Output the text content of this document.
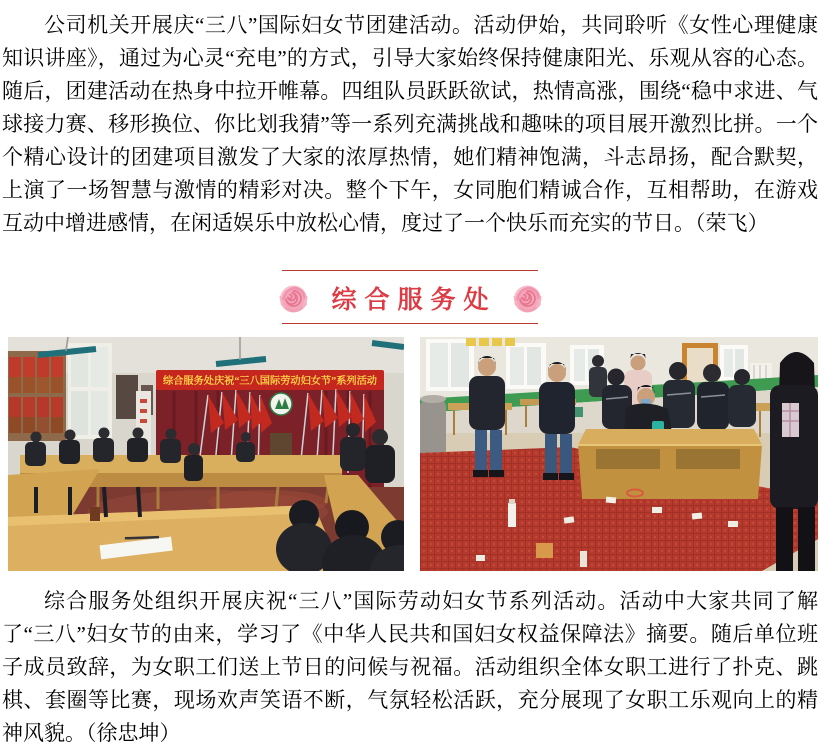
公司机关开展庆“三八”国际妇女节团建活动。活动伊始，共同聆听《女性心理健康知识讲座》，通过为心灵“充电”的方式，引导大家始终保持健康阳光、乐观从容的心态。随后，团建活动在热身中拉开帷幕。四组队员跃跃欲试，热情高涨，围绕“稳中求进、气球接力赛、移形换位、你比划我猜”等一系列充满挑战和趣味的项目展开激烈比拼。一个个精心设计的团建项目激发了大家的浓厚热情，她们精神饱满，斗志昂扬，配合默契，上演了一场智慧与激情的精彩对决。整个下午，女同胞们精诚合作，互相帮助，在游戏互动中增进感情，在闲适娱乐中放松心情，度过了一个快乐而充实的节日。（荣飞）

综合服务处
综合服务处庆祝“三八国际劳动妇女节”系列活动

综合服务处组织开展庆祝“三八”国际劳动妇女节系列活动。活动中大家共同了解了“三八”妇女节的由来，学习了《中华人民共和国妇女权益保障法》摘要。随后单位班子成员致辞，为女职工们送上节日的问候与祝福。活动组织全体女职工进行了扑克、跳棋、套圈等比赛，现场欢声笑语不断，气氛轻松活跃，充分展现了女职工乐观向上的精神风貌。（徐忠坤）
